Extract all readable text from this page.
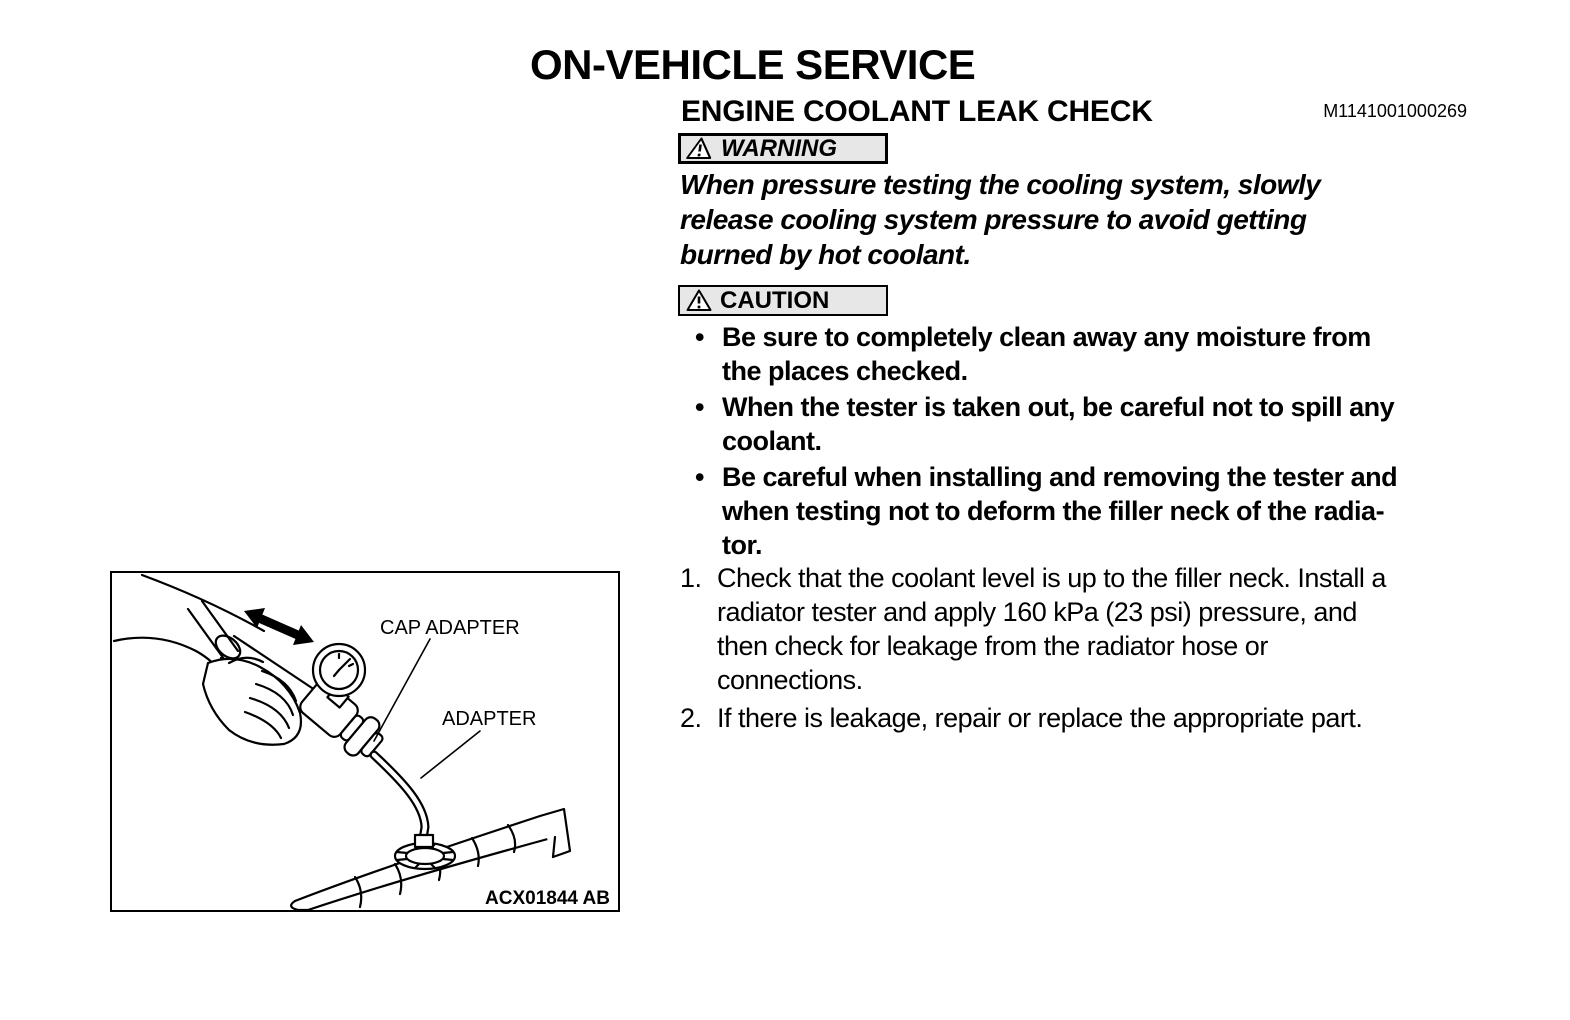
ON-VEHICLE SERVICE
ENGINE COOLANT LEAK CHECK	M1141001000269
WARNING
When pressure testing the cooling system, slowly
release cooling system pressure to avoid getting
burned by hot coolant.
CAUTION
• Be sure to completely clean away any moisture from
the places checked.
• When the tester is taken out, be careful not to spill any
coolant.
• Be careful when installing and removing the tester and
when testing not to deform the filler neck of the radia-
tor.
1. Check that the coolant level is up to the filler neck. Install a
radiator tester and apply 160 kPa (23 psi) pressure, and
then check for leakage from the radiator hose or
connections.
2. If there is leakage, repair or replace the appropriate part.
CAP ADAPTER
ADAPTER
ACX01844 AB
